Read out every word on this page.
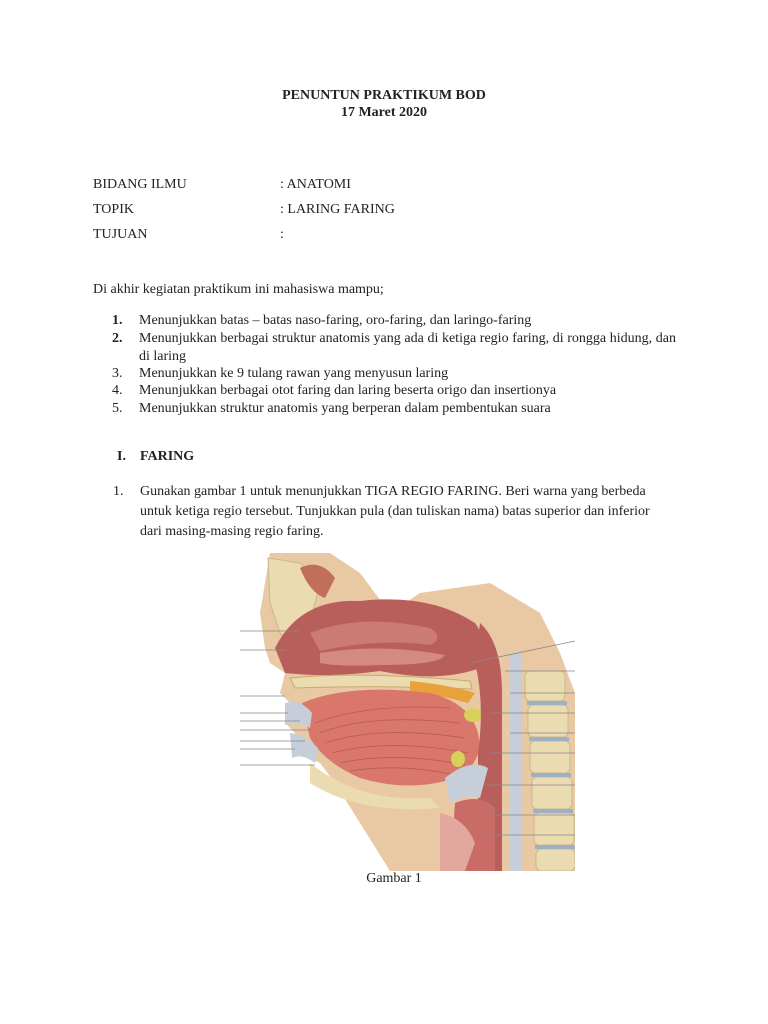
PENUNTUN PRAKTIKUM BOD
17 Maret 2020
BIDANG ILMU	: ANATOMI
TOPIK	: LARING FARING
TUJUAN	:
Di akhir kegiatan praktikum ini mahasiswa mampu;
1.	Menunjukkan batas – batas naso-faring, oro-faring, dan laringo-faring
2.	Menunjukkan berbagai struktur anatomis yang ada di ketiga regio faring, di rongga hidung, dan di laring
3.	Menunjukkan ke 9 tulang rawan yang menyusun laring
4.	Menunjukkan berbagai otot faring dan laring beserta origo dan insertionya
5.	Menunjukkan struktur anatomis yang berperan dalam pembentukan suara
I. FARING
1. Gunakan gambar 1 untuk menunjukkan TIGA REGIO FARING. Beri warna yang berbeda untuk ketiga regio tersebut. Tunjukkan pula (dan tuliskan nama) batas superior dan inferior dari masing-masing regio faring.
Gambar 1
